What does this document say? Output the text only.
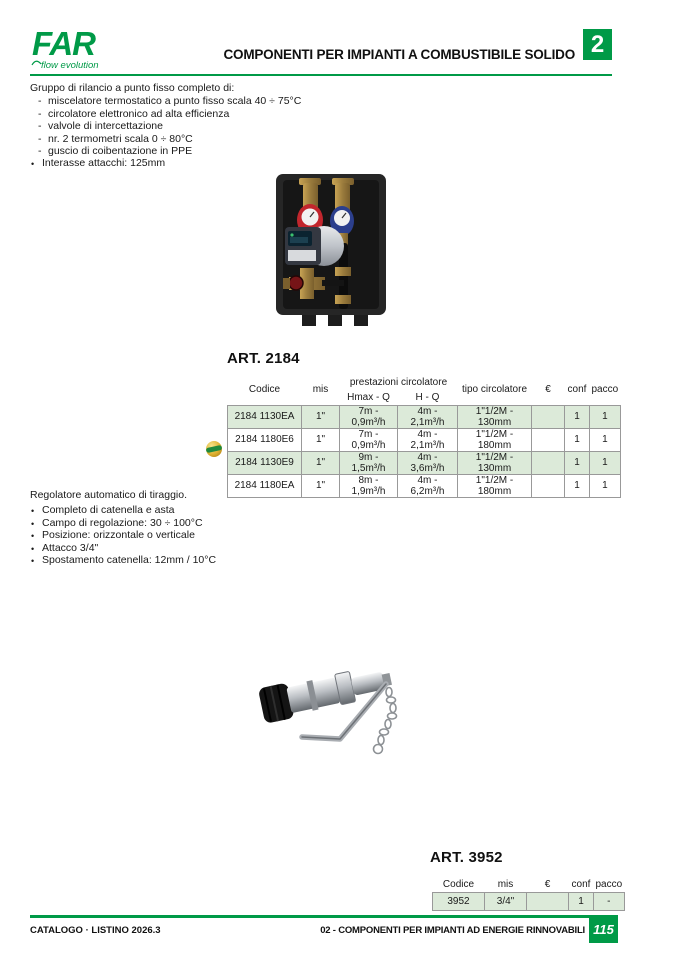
FAR
flow evolution
COMPONENTI PER IMPIANTI A COMBUSTIBILE SOLIDO 2
Gruppo di rilancio a punto fisso completo di:
- miscelatore termostatico a punto fisso scala 40 ÷ 75°C
- circolatore elettronico ad alta efficienza
- valvole di intercettazione
- nr. 2 termometri scala 0 ÷ 80°C
- guscio di coibentazione in PPE
• Interasse attacchi: 125mm
ART. 2184
Codice	mis	prestazioni circolatore		tipo circolatore	€	conf	pacco
		Hmax - Q	H - Q				
2184 1130EA	1"	7m - 0,9m³/h	4m - 2,1m³/h	1"1/2M - 130mm		1	1
2184 1180E6	1"	7m - 0,9m³/h	4m - 2,1m³/h	1"1/2M - 180mm		1	1
2184 1130E9	1"	9m - 1,5m³/h	4m - 3,6m³/h	1"1/2M - 130mm		1	1
2184 1180EA	1"	8m - 1,9m³/h	4m - 6,2m³/h	1"1/2M - 180mm		1	1
Regolatore automatico di tiraggio.
• Completo di catenella e asta
• Campo di regolazione: 30 ÷ 100°C
• Posizione: orizzontale o verticale
• Attacco 3/4"
• Spostamento catenella: 12mm / 10°C
ART. 3952
Codice	mis	€	conf	pacco
3952	3/4"		1	-
CATALOGO · LISTINO 2026.3	02 - COMPONENTI PER IMPIANTI AD ENERGIE RINNOVABILI 115
